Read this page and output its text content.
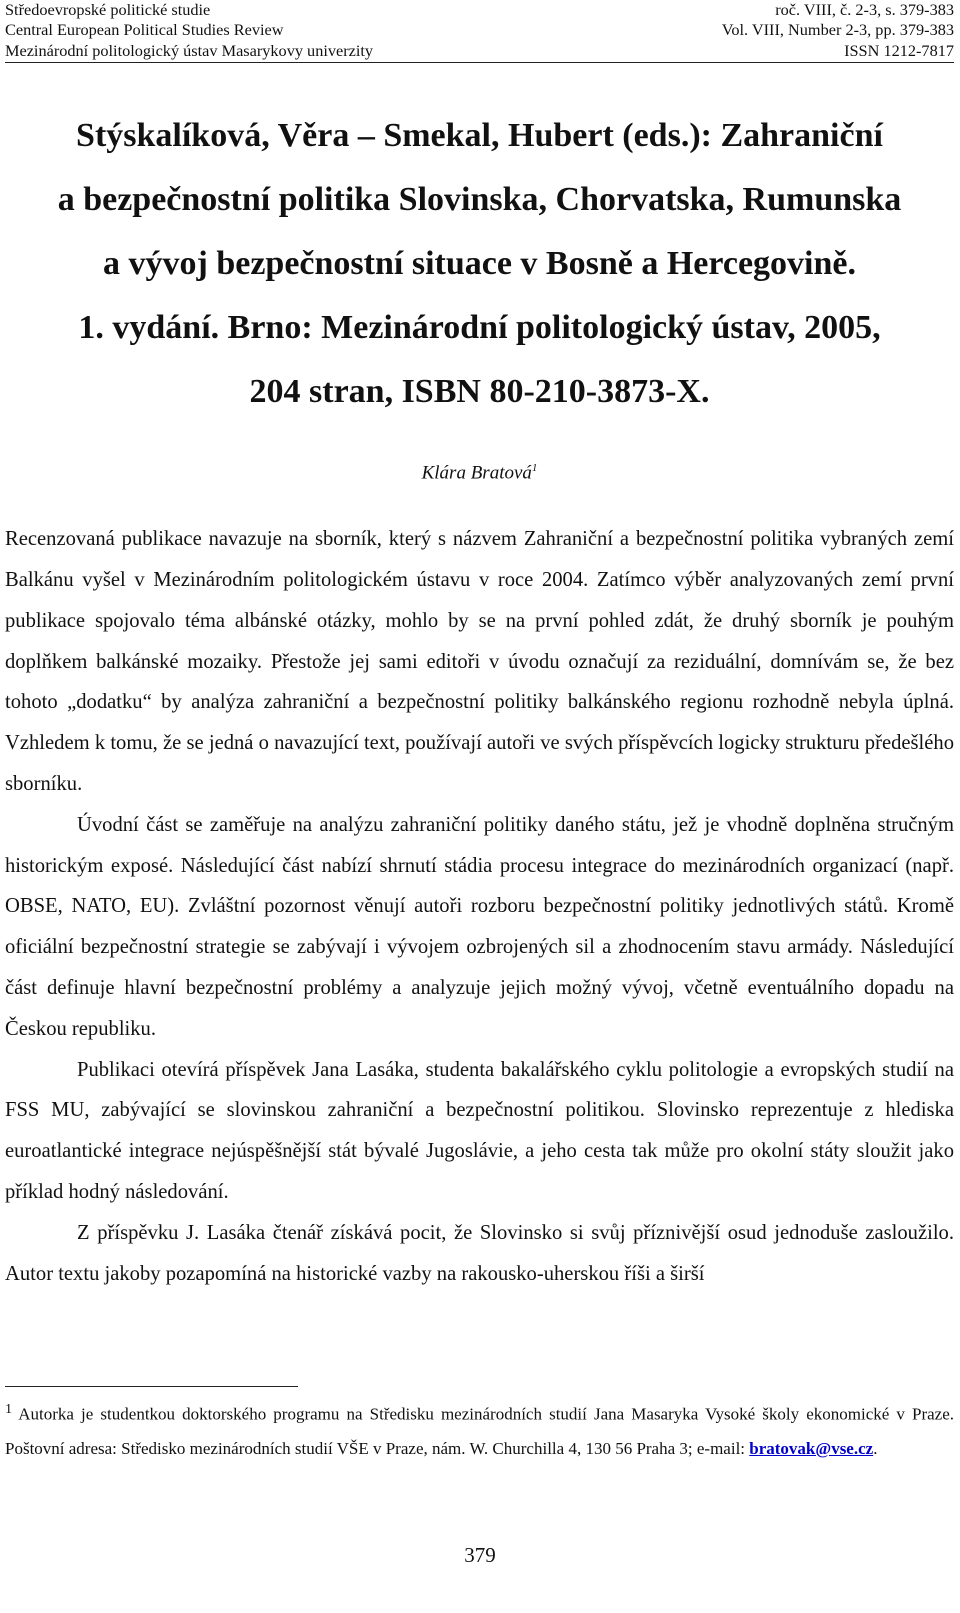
Středoevropské politické studie	roč. VIII, č. 2-3, s. 379-383
Central European Political Studies Review	Vol. VIII, Number 2-3, pp. 379-383
Mezinárodní politologický ústav Masarykovy univerzity	ISSN 1212-7817
Stýskalíková, Věra – Smekal, Hubert (eds.): Zahraniční
a bezpečnostní politika Slovinska, Chorvatska, Rumunska
a vývoj bezpečnostní situace v Bosně a Hercegovině.
1. vydání. Brno: Mezinárodní politologický ústav, 2005,
204 stran, ISBN 80-210-3873-X.
Klára Bratová$^1$

Recenzovaná publikace navazuje na sborník, který s názvem Zahraniční a bezpečnostní politika vybraných zemí Balkánu vyšel v Mezinárodním politologickém ústavu v roce 2004. Zatímco výběr analyzovaných zemí první publikace spojovalo téma albánské otázky, mohlo by se na první pohled zdát, že druhý sborník je pouhým doplňkem balkánské mozaiky. Přestože jej sami editoři v úvodu označují za reziduální, domnívám se, že bez tohoto „dodatku“ by analýza zahraniční a bezpečnostní politiky balkánského regionu rozhodně nebyla úplná. Vzhledem k tomu, že se jedná o navazující text, používají autoři ve svých příspěvcích logicky strukturu předešlého sborníku.

Úvodní část se zaměřuje na analýzu zahraniční politiky daného státu, jež je vhodně doplněna stručným historickým exposé. Následující část nabízí shrnutí stádia procesu integrace do mezinárodních organizací (např. OBSE, NATO, EU). Zvláštní pozornost věnují autoři rozboru bezpečnostní politiky jednotlivých států. Kromě oficiální bezpečnostní strategie se zabývají i vývojem ozbrojených sil a zhodnocením stavu armády. Následující část definuje hlavní bezpečnostní problémy a analyzuje jejich možný vývoj, včetně eventuálního dopadu na Českou republiku.

Publikaci otevírá příspěvek Jana Lasáka, studenta bakalářského cyklu politologie a evropských studií na FSS MU, zabývající se slovinskou zahraniční a bezpečnostní politikou. Slovinsko reprezentuje z hlediska euroatlantické integrace nejúspěšnější stát bývalé Jugoslávie, a jeho cesta tak může pro okolní státy sloužit jako příklad hodný následování.

Z příspěvku J. Lasáka čtenář získává pocit, že Slovinsko si svůj příznivější osud jednoduše zasloužilo. Autor textu jakoby pozapomíná na historické vazby na rakousko-uherskou říši a širší

$^1$ Autorka je studentkou doktorského programu na Středisku mezinárodních studií Jana Masaryka Vysoké školy ekonomické v Praze. Poštovní adresa: Středisko mezinárodních studií VŠE v Praze, nám. W. Churchilla 4, 130 56 Praha 3; e-mail: bratovak@vse.cz.
379
